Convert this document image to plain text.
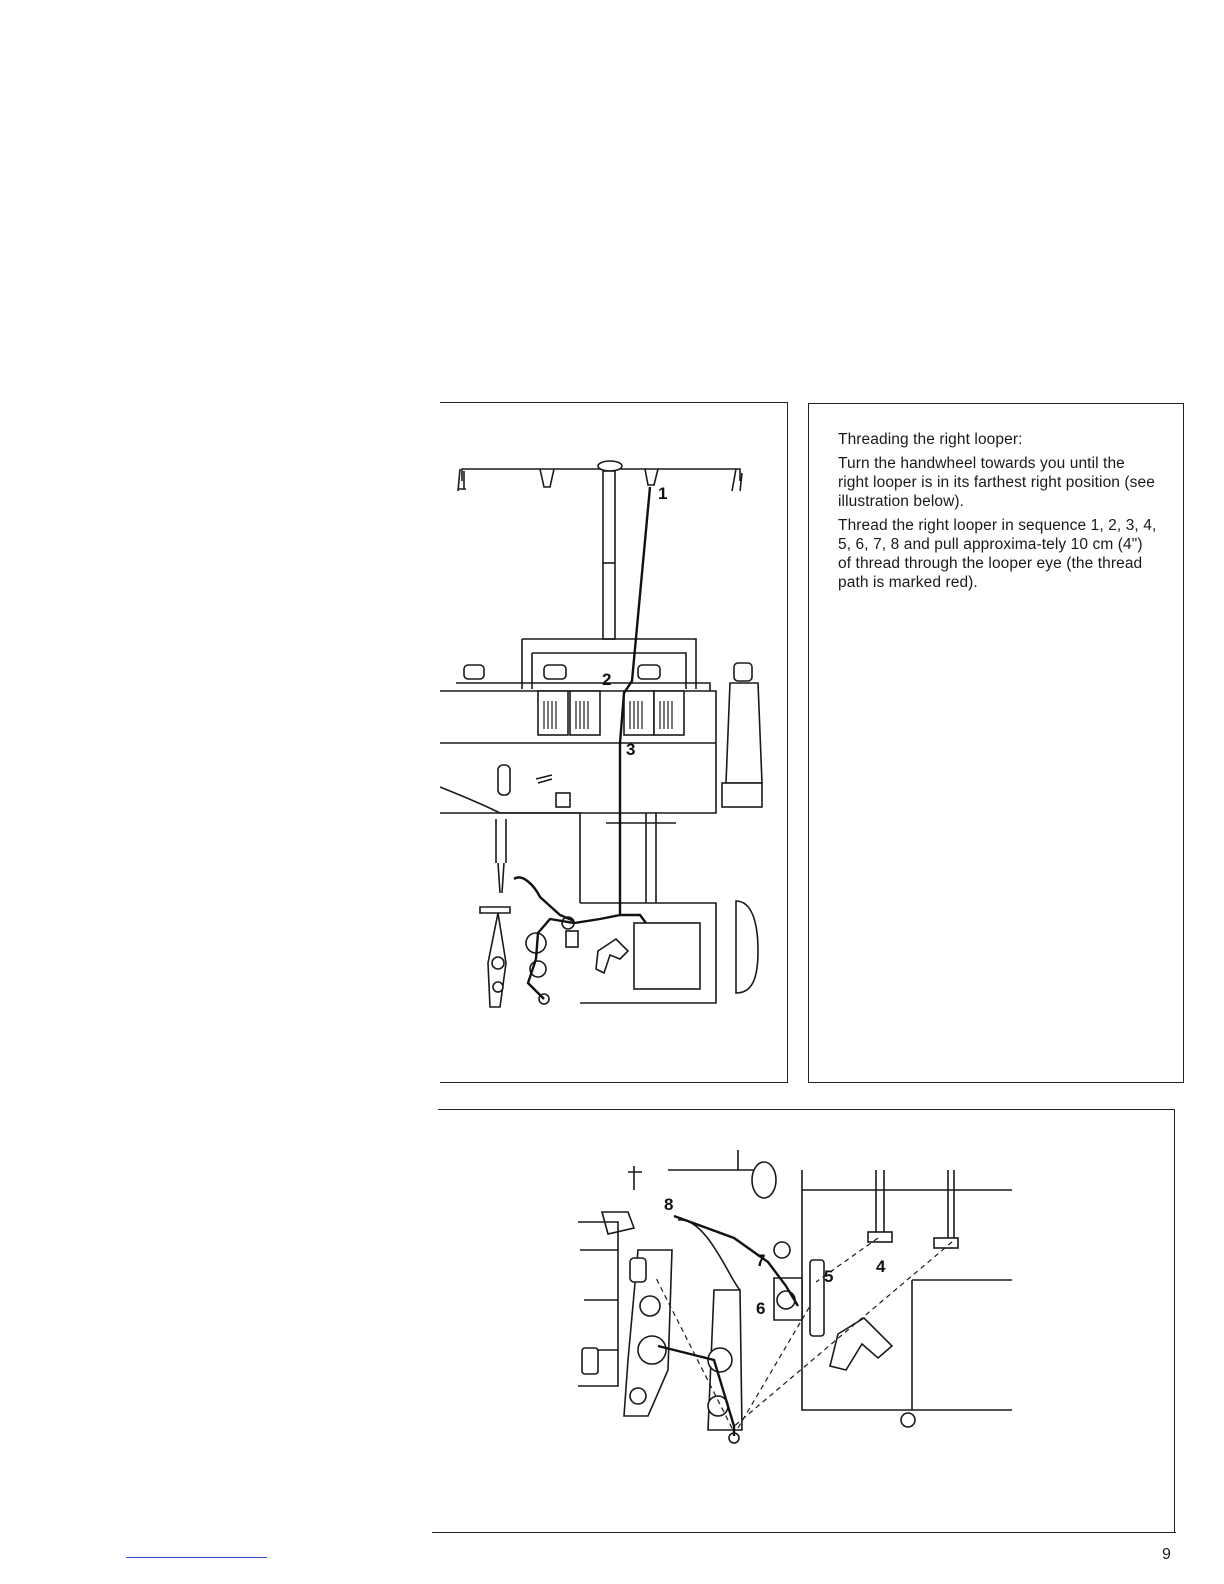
1
2
3

Threading the right looper:

Turn the handwheel towards you until the right looper is in its farthest right position (see illustration below).

Thread the right looper in sequence 1, 2, 3, 4, 5, 6, 7, 8 and pull approxima-tely 10 cm (4") of thread through the looper eye (the thread path is marked red).

8
7
6
5
4
9
